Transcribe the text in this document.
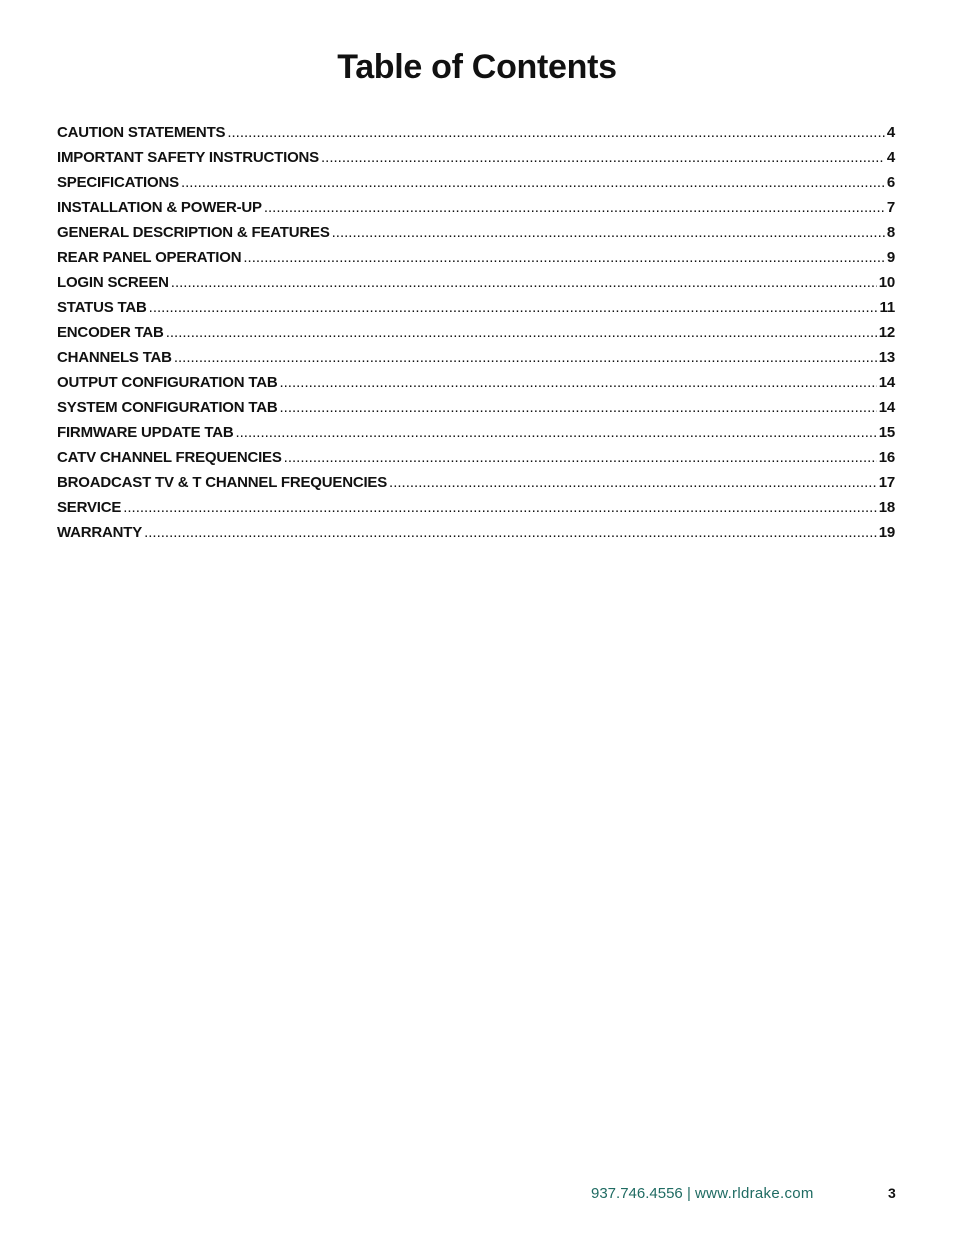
Table of Contents
CAUTION STATEMENTS .....	4
IMPORTANT SAFETY INSTRUCTIONS .....	4
SPECIFICATIONS .....	6
INSTALLATION & POWER-UP .....	7
GENERAL DESCRIPTION & FEATURES .....	8
REAR PANEL OPERATION .....	9
LOGIN SCREEN .....	10
STATUS TAB .....	11
ENCODER TAB .....	12
CHANNELS TAB .....	13
OUTPUT CONFIGURATION TAB .....	14
SYSTEM CONFIGURATION TAB .....	14
FIRMWARE UPDATE TAB .....	15
CATV CHANNEL FREQUENCIES .....	16
BROADCAST TV & T CHANNEL FREQUENCIES .....	17
SERVICE .....	18
WARRANTY .....	19
937.746.4556 | www.rldrake.com	3
